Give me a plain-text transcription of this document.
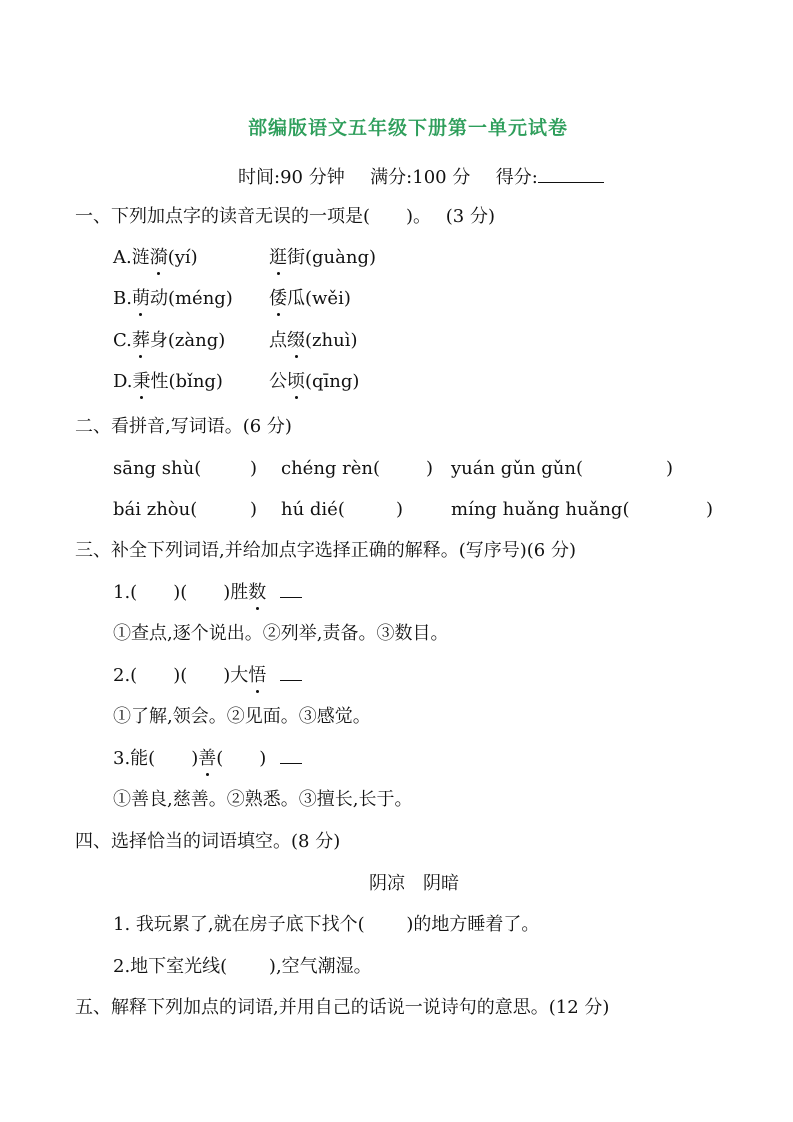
部编版语文五年级下册第一单元试卷
时间:90 分钟 满分:100 分 得分:
一、下列加点字的读音无误的一项是(　　)。　 (3 分)
A.涟漪(yí)	逛街(guàng)
B.萌动(méng) 倭瓜(wěi)
C.葬身(zàng) 点缀(zhuì)
D.秉性(bǐng)	公顷(qīng)
二、看拼音,写词语。(6 分)
sāng shù(	) chéng rèn(	) yuán gǔn gǔn(	)
bái zhòu(	) hú dié(	)	míng huǎng huǎng(	)
三、补全下列词语,并给加点字选择正确的解释。(写序号)(6 分)
1.(　　)(　　)胜数
①查点,逐个说出。②列举,责备。③数目。
2.(　　)(　　)大悟
①了解,领会。②见面。③感觉。
3.能(　　)善(　　)
①善良,慈善。②熟悉。③擅长,长于。
四、选择恰当的词语填空。(8 分)
阴凉　阴暗
1. 我玩累了,就在房子底下找个(　　 )的地方睡着了。
2.地下室光线(　　 ),空气潮湿。
五、解释下列加点的词语,并用自己的话说一说诗句的意思。(12 分)
